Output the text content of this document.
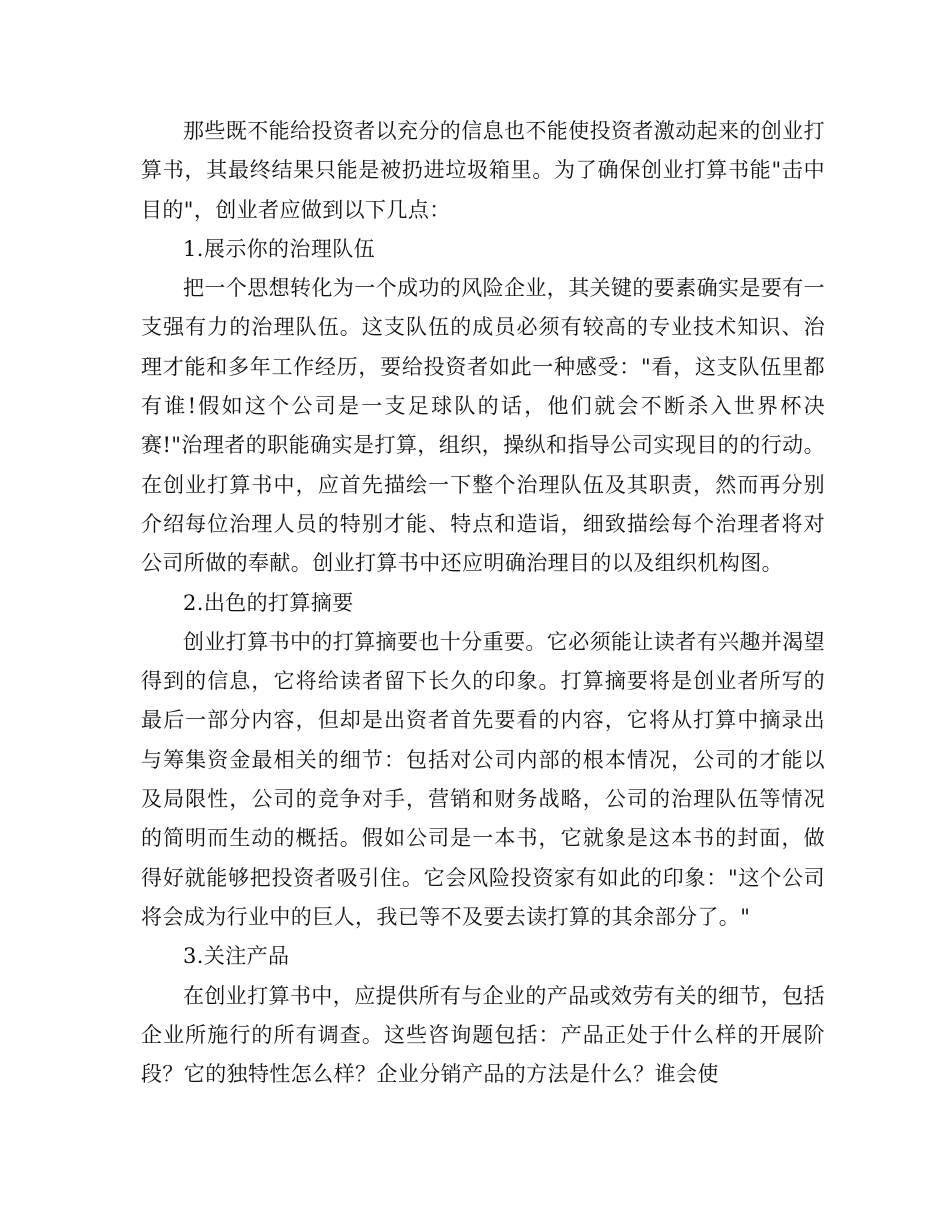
那些既不能给投资者以充分的信息也不能使投资者激动起来的创业打算书，其最终结果只能是被扔进垃圾箱里。为了确保创业打算书能"击中目的"，创业者应做到以下几点：

1.展示你的治理队伍

把一个思想转化为一个成功的风险企业，其关键的要素确实是要有一支强有力的治理队伍。这支队伍的成员必须有较高的专业技术知识、治理才能和多年工作经历，要给投资者如此一种感受："看，这支队伍里都有谁!假如这个公司是一支足球队的话，他们就会不断杀入世界杯决赛!"治理者的职能确实是打算，组织，操纵和指导公司实现目的的行动。在创业打算书中，应首先描绘一下整个治理队伍及其职责，然而再分别介绍每位治理人员的特别才能、特点和造诣，细致描绘每个治理者将对公司所做的奉献。创业打算书中还应明确治理目的以及组织机构图。

2.出色的打算摘要

创业打算书中的打算摘要也十分重要。它必须能让读者有兴趣并渴望得到的信息，它将给读者留下长久的印象。打算摘要将是创业者所写的最后一部分内容，但却是出资者首先要看的内容，它将从打算中摘录出与筹集资金最相关的细节：包括对公司内部的根本情况，公司的才能以及局限性，公司的竞争对手，营销和财务战略，公司的治理队伍等情况的简明而生动的概括。假如公司是一本书，它就象是这本书的封面，做得好就能够把投资者吸引住。它会风险投资家有如此的印象："这个公司将会成为行业中的巨人，我已等不及要去读打算的其余部分了。"

3.关注产品

在创业打算书中，应提供所有与企业的产品或效劳有关的细节，包括企业所施行的所有调查。这些咨询题包括：产品正处于什么样的开展阶段？它的独特性怎么样？企业分销产品的方法是什么？谁会使
